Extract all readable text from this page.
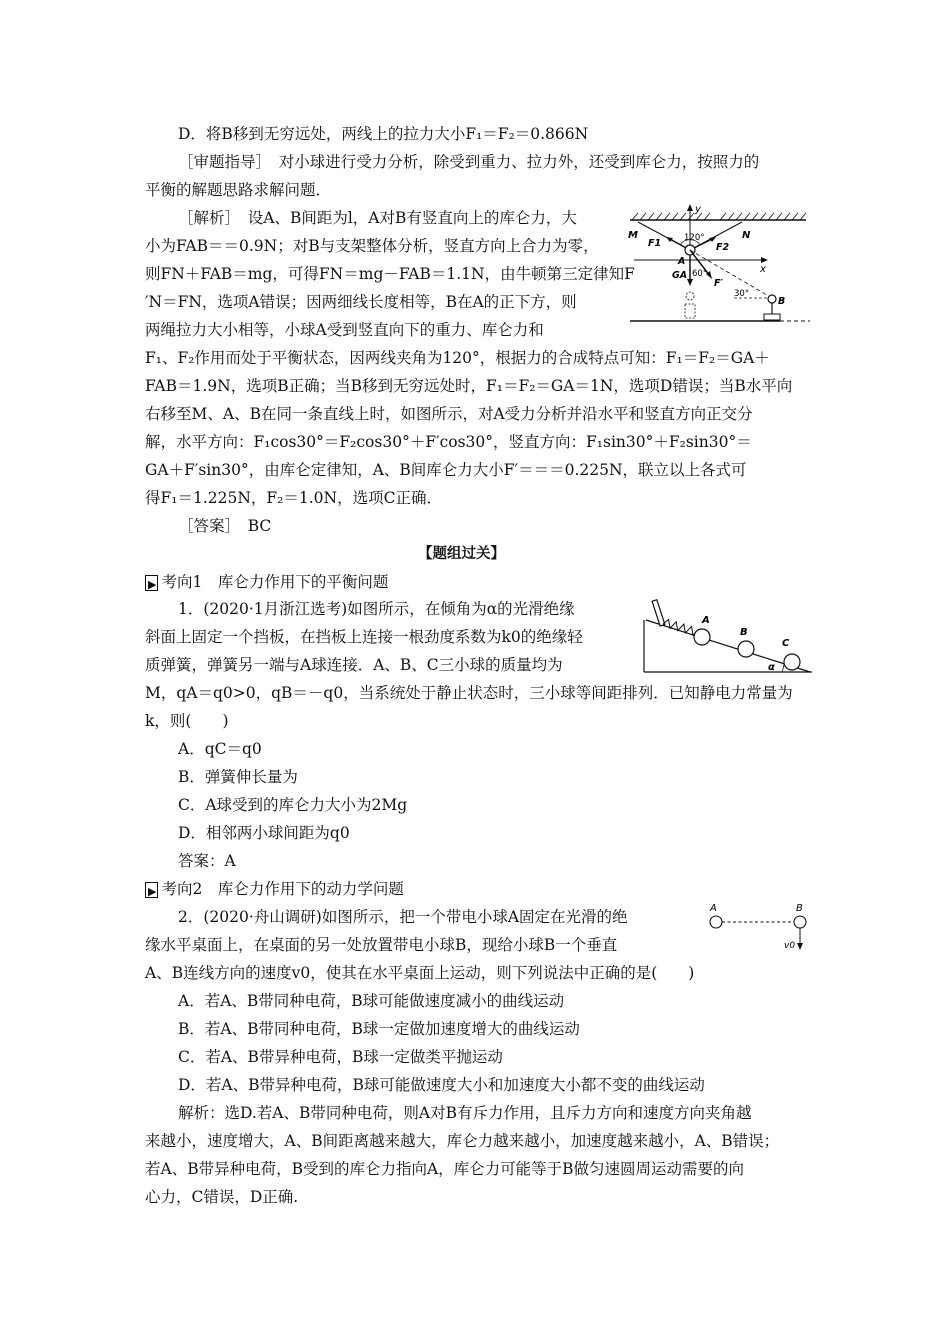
D．将B移到无穷远处，两线上的拉力大小F₁＝F₂＝0.866N
［审题指导］　对小球进行受力分析，除受到重力、拉力外，还受到库仑力，按照力的
平衡的解题思路求解问题．
［解析］　设A、B间距为l，A对B有竖直向上的库仑力，大
小为FAB＝＝0.9N；对B与支架整体分析，竖直方向上合力为零，
则FN＋FAB＝mg，可得FN＝mg－FAB＝1.1N，由牛顿第三定律知F
′N＝FN，选项A错误；因两细线长度相等，B在A的正下方，则
两绳拉力大小相等，小球A受到竖直向下的重力、库仑力和
F₁、F₂作用而处于平衡状态，因两线夹角为120°，根据力的合成特点可知：F₁＝F₂＝GA＋
FAB＝1.9N，选项B正确；当B移到无穷远处时，F₁＝F₂＝GA＝1N，选项D错误；当B水平向
右移至M、A、B在同一条直线上时，如图所示，对A受力分析并沿水平和竖直方向正交分
解，水平方向：F₁cos30°＝F₂cos30°＋F′cos30°，竖直方向：F₁sin30°＋F₂sin30°＝
GA＋F′sin30°，由库仑定律知，A、B间库仑力大小F′＝＝＝0.225N，联立以上各式可
得F₁＝1.225N，F₂＝1.0N，选项C正确．
［答案］　BC
y
x
M	N
F1	F2
120°
A
F′
60°
GA
30°
B
【题组过关】
▶ 考向1　库仑力作用下的平衡问题
1．(2020·1月浙江选考)如图所示，在倾角为α的光滑绝缘
斜面上固定一个挡板，在挡板上连接一根劲度系数为k0的绝缘轻
质弹簧，弹簧另一端与A球连接．A、B、C三小球的质量均为
M，qA＝q0>0，qB＝－q0，当系统处于静止状态时，三小球等间距排列．已知静电力常量为
k，则(　　)
A．qC＝q0
B．弹簧伸长量为
C．A球受到的库仑力大小为2Mg
D．相邻两小球间距为q0
答案：A
A
B
C
α
▶ 考向2　库仑力作用下的动力学问题
2．(2020·舟山调研)如图所示，把一个带电小球A固定在光滑的绝
缘水平桌面上，在桌面的另一处放置带电小球B，现给小球B一个垂直
A、B连线方向的速度v0，使其在水平桌面上运动，则下列说法中正确的是(　　)
A．若A、B带同种电荷，B球可能做速度减小的曲线运动
B．若A、B带同种电荷，B球一定做加速度增大的曲线运动
C．若A、B带异种电荷，B球一定做类平抛运动
D．若A、B带异种电荷，B球可能做速度大小和加速度大小都不变的曲线运动
解析：选D.若A、B带同种电荷，则A对B有斥力作用，且斥力方向和速度方向夹角越
来越小，速度增大，A、B间距离越来越大，库仑力越来越小，加速度越来越小，A、B错误；
若A、B带异种电荷，B受到的库仑力指向A，库仑力可能等于B做匀速圆周运动需要的向
心力，C错误，D正确.
A	B
v0
